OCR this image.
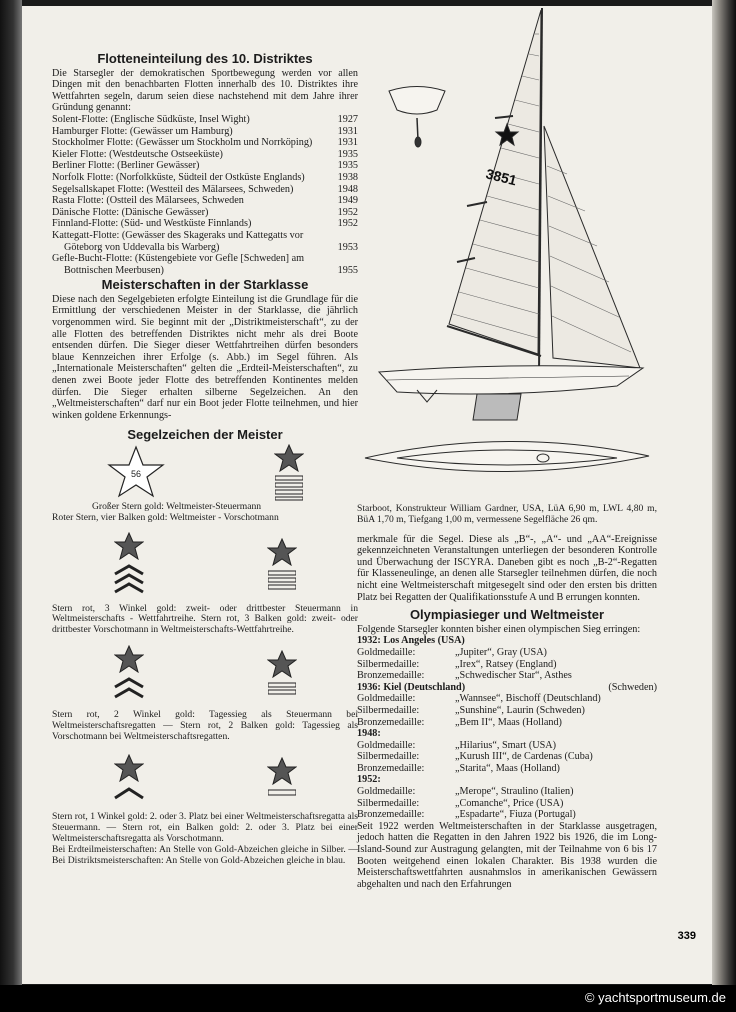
Flotteneinteilung des 10. Distriktes

Die Starsegler der demokratischen Sportbewegung werden vor allen Dingen mit den benachbarten Flotten innerhalb des 10. Distriktes ihre Wettfahrten segeln, darum seien diese nachstehend mit dem Jahre ihrer Gründung genannt:

Solent-Flotte: (Englische Südküste, Insel Wight)	1927
Hamburger Flotte: (Gewässer um Hamburg)	1931
Stockholmer Flotte: (Gewässer um Stockholm und Norrköping)	1931
Kieler Flotte: (Westdeutsche Ostseeküste)	1935
Berliner Flotte: (Berliner Gewässer)	1935
Norfolk Flotte: (Norfolkküste, Südteil der Ostküste Englands)	1938
Segelsallskapet Flotte: (Westteil des Mälarsees, Schweden)	1948
Rasta Flotte: (Ostteil des Mälarsees, Schweden	1949
Dänische Flotte: (Dänische Gewässer)	1952
Finnland-Flotte: (Süd- und Westküste Finnlands)	1952
Kattegatt-Flotte: (Gewässer des Skageraks und Kattegatts vor Göteborg von Uddevalla bis Warberg)	1953
Gefle-Bucht-Flotte: (Küstengebiete vor Gefle [Schweden] am Bottnischen Meerbusen)	1955
Meisterschaften in der Starklasse

Diese nach den Segelgebieten erfolgte Einteilung ist die Grundlage für die Ermittlung der verschiedenen Meister in der Starklasse, die jährlich vorgenommen wird. Sie beginnt mit der „Distriktmeisterschaft“, zu der alle Flotten des betreffenden Distriktes nicht mehr als drei Boote entsenden dürfen. Die Sieger dieser Wettfahrtreihen dürfen besonders blaue Kennzeichen ihrer Erfolge (s. Abb.) im Segel führen. Als „Internationale Meisterschaften“ gelten die „Erdteil-Meisterschaften“, zu denen zwei Boote jeder Flotte des betreffenden Kontinentes melden dürfen. Die Sieger erhalten silberne Segelzeichen. An den „Weltmeisterschaften“ darf nur ein Boot jeder Flotte teilnehmen, und hier winken goldene Erkennungs-

Segelzeichen der Meister
56
Großer Stern gold: Weltmeister-Steuermann
Roter Stern, vier Balken gold: Weltmeister - Vorschotmann
Stern rot, 3 Winkel gold: zweit- oder drittbester Steuermann in Weltmeisterschafts - Wettfahrtreihe. Stern rot, 3 Balken gold: zweit- oder drittbester Vorschotmann in Weltmeisterschafts-Wettfahrtreihe.
Stern rot, 2 Winkel gold: Tagessieg als Steuermann bei Weltmeisterschaftsregatten — Stern rot, 2 Balken gold: Tagessieg als Vorschotmann bei Weltmeisterschaftsregatten.
Stern rot, 1 Winkel gold: 2. oder 3. Platz bei einer Weltmeisterschaftsregatta als Steuermann. — Stern rot, ein Balken gold: 2. oder 3. Platz bei einer Weltmeisterschaftsregatta als Vorschotmann.
Bei Erdteilmeisterschaften: An Stelle von Gold-Abzeichen gleiche in Silber. — Bei Distriktsmeisterschaften: An Stelle von Gold-Abzeichen gleiche in blau.
3851

Starboot, Konstrukteur William Gardner, USA, LüA 6,90 m, LWL 4,80 m, BüA 1,70 m, Tiefgang 1,00 m, vermessene Segelfläche 26 qm.

merkmale für die Segel. Diese als „B“-, „A“- und „AA“-Ereignisse gekennzeichneten Veranstaltungen unterliegen der besonderen Kontrolle und Überwachung der ISCYRA. Daneben gibt es noch „B-2“-Regatten für Klasseneulinge, an denen alle Starsegler teilnehmen dürfen, die noch nicht eine Weltmeisterschaft mitgesegelt sind oder den ersten bis dritten Platz bei Regatten der Qualifikationsstufe A und B errungen konnten.

Olympiasieger und Weltmeister

Folgende Starsegler konnten bisher einen olympischen Sieg erringen:

1932: Los Angeles (USA)
Goldmedaille:	„Jupiter“, Gray (USA)
Silbermedaille:	„Irex“, Ratsey (England)
Bronzemedaille:	„Schwedischer Star“, Asthes
1936: Kiel (Deutschland)	(Schweden)
Goldmedaille:	„Wannsee“, Bischoff (Deutschland)
Silbermedaille:	„Sunshine“, Laurin (Schweden)
Bronzemedaille:	„Bem II“, Maas (Holland)
1948:
Goldmedaille:	„Hilarius“, Smart (USA)
Silbermedaille:	„Kurush III“, de Cardenas (Cuba)
Bronzemedaille:	„Starita“, Maas (Holland)
1952:
Goldmedaille:	„Merope“, Straulino (Italien)
Silbermedaille:	„Comanche“, Price (USA)
Bronzemedaille:	„Espadarte“, Fiuza (Portugal)

Seit 1922 werden Weltmeisterschaften in der Starklasse ausgetragen, jedoch hatten die Regatten in den Jahren 1922 bis 1926, die im Long-Island-Sound zur Austragung gelangten, mit der Teilnahme von 6 bis 17 Booten weitgehend einen lokalen Charakter. Bis 1938 wurden die Meisterschaftswettfahrten ausnahmslos in amerikanischen Gewässern abgehalten und nach den Erfahrungen

339
© yachtsportmuseum.de
